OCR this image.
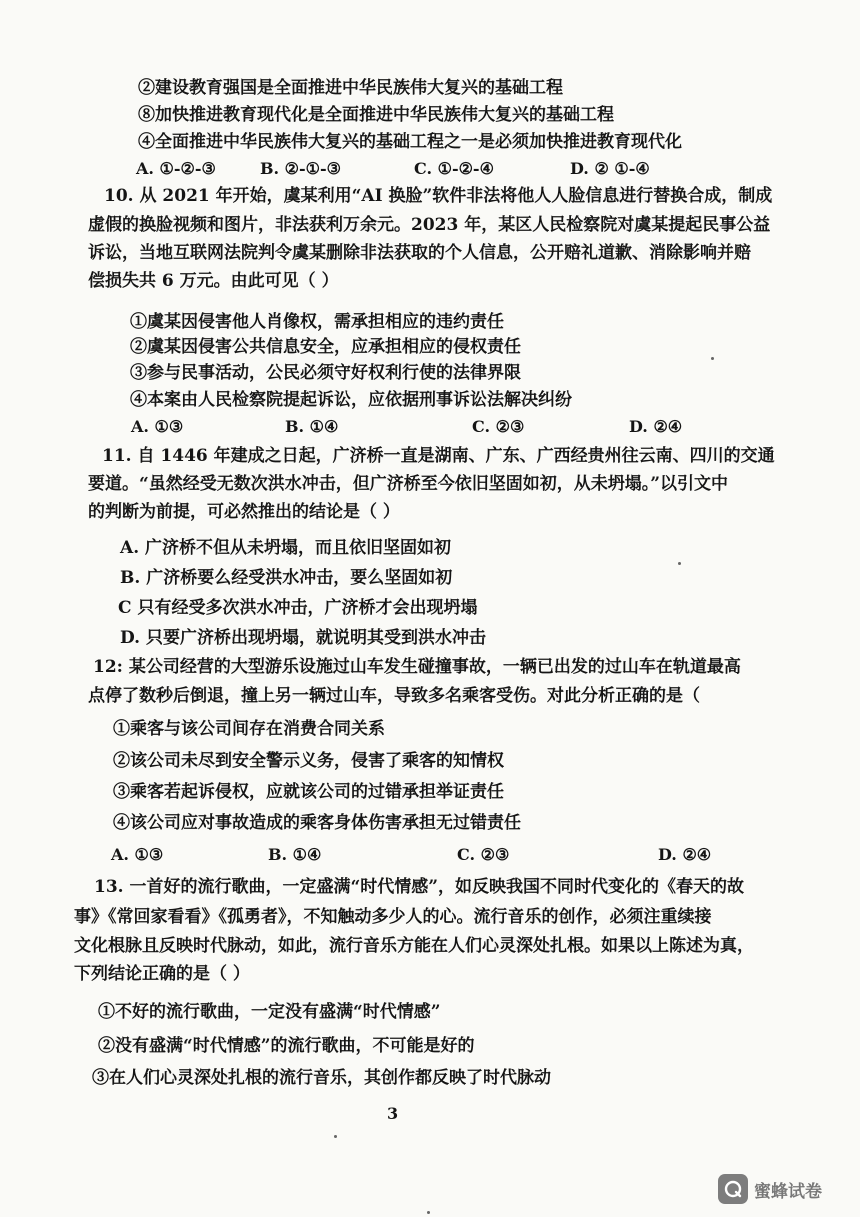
②建设教育强国是全面推进中华民族伟大复兴的基础工程
⑧加快推进教育现代化是全面推进中华民族伟大复兴的基础工程
④全面推进中华民族伟大复兴的基础工程之一是必须加快推进教育现代化
A. ①-②-③	B. ②-①-③	C. ①-②-④	D. ② ①-④
10. 从 2021 年开始，虞某利用“AI 换脸”软件非法将他人人脸信息进行替换合成，制成
虚假的换脸视频和图片，非法获利万余元。2023 年，某区人民检察院对虞某提起民事公益
诉讼，当地互联网法院判令虞某删除非法获取的个人信息，公开赔礼道歉、消除影响并赔
偿损失共 6 万元。由此可见（ ）
①虞某因侵害他人肖像权，需承担相应的违约责任
②虞某因侵害公共信息安全，应承担相应的侵权责任
③参与民事活动，公民必须守好权利行使的法律界限
④本案由人民检察院提起诉讼，应依据刑事诉讼法解决纠纷
A. ①③	B. ①④	C. ②③	D. ②④
11. 自 1446 年建成之日起，广济桥一直是湖南、广东、广西经贵州往云南、四川的交通
要道。“虽然经受无数次洪水冲击，但广济桥至今依旧坚固如初，从未坍塌。”以引文中
的判断为前提，可必然推出的结论是（ ）
A. 广济桥不但从未坍塌，而且依旧坚固如初
B. 广济桥要么经受洪水冲击，要么坚固如初
C 只有经受多次洪水冲击，广济桥才会出现坍塌
D. 只要广济桥出现坍塌，就说明其受到洪水冲击
12: 某公司经营的大型游乐设施过山车发生碰撞事故，一辆已出发的过山车在轨道最高
点停了数秒后倒退，撞上另一辆过山车，导致多名乘客受伤。对此分析正确的是（
①乘客与该公司间存在消费合同关系
②该公司未尽到安全警示义务，侵害了乘客的知情权
③乘客若起诉侵权，应就该公司的过错承担举证责任
④该公司应对事故造成的乘客身体伤害承担无过错责任
A. ①③	B. ①④	C. ②③	D. ②④
13. 一首好的流行歌曲，一定盛满“时代情感”，如反映我国不同时代变化的《春天的故
事》《常回家看看》《孤勇者》，不知触动多少人的心。流行音乐的创作，必须注重续接
文化根脉且反映时代脉动，如此，流行音乐方能在人们心灵深处扎根。如果以上陈述为真，
下列结论正确的是（ ）
①不好的流行歌曲，一定没有盛满“时代情感”
②没有盛满“时代情感”的流行歌曲，不可能是好的
③在人们心灵深处扎根的流行音乐，其创作都反映了时代脉动
3
蜜蜂试卷
